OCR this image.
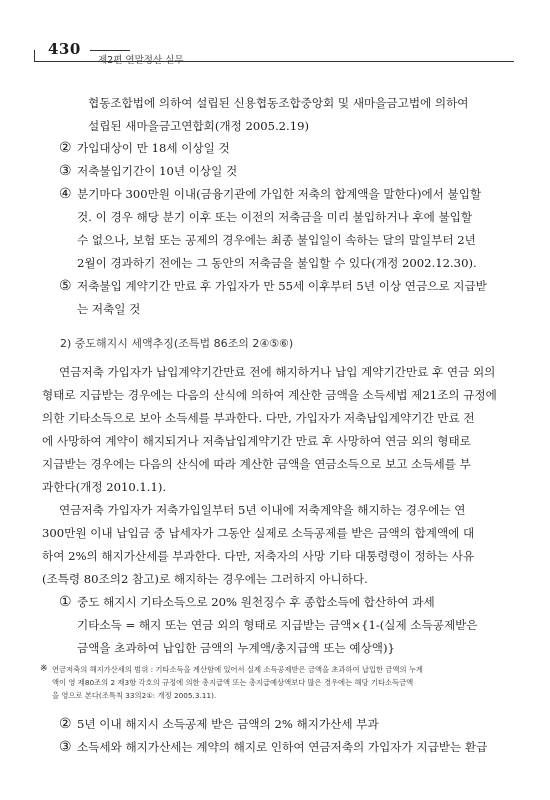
430
제2편 연말정산 실무
협동조합법에 의하여 설립된 신용협동조합중앙회 및 새마을금고법에 의하여
설립된 새마을금고연합회(개정 2005.2.19)
② 가입대상이 만 18세 이상일 것
③ 저축불입기간이 10년 이상일 것
④ 분기마다 300만원 이내(금융기관에 가입한 저축의 합계액을 말한다)에서 불입할
것. 이 경우 해당 분기 이후 또는 이전의 저축금을 미리 불입하거나 후에 불입할
수 없으나, 보험 또는 공제의 경우에는 최종 불입일이 속하는 달의 말일부터 2년
2월이 경과하기 전에는 그 동안의 저축금을 불입할 수 있다(개정 2002.12.30).
⑤ 저축불입 계약기간 만료 후 가입자가 만 55세 이후부터 5년 이상 연금으로 지급받
는 저축일 것
2) 중도해지시 세액추징(조특법 86조의 2④⑤⑥)
연금저축 가입자가 납입계약기간만료 전에 해지하거나 납입 계약기간만료 후 연금 외의
형태로 지급받는 경우에는 다음의 산식에 의하여 계산한 금액을 소득세법 제21조의 규정에
의한 기타소득으로 보아 소득세를 부과한다. 다만, 가입자가 저축납입계약기간 만료 전
에 사망하여 계약이 해지되거나 저축납입계약기간 만료 후 사망하여 연금 외의 형태로
지급받는 경우에는 다음의 산식에 따라 계산한 금액을 연금소득으로 보고 소득세를 부
과한다(개정 2010.1.1).
연금저축 가입자가 저축가입일부터 5년 이내에 저축계약을 해지하는 경우에는 연
300만원 이내 납입금 중 납세자가 그동안 실제로 소득공제를 받은 금액의 합계액에 대
하여 2%의 해지가산세를 부과한다. 다만, 저축자의 사망 기타 대통령령이 정하는 사유
(조특령 80조의2 참고)로 해지하는 경우에는 그러하지 아니하다.
① 중도 해지시 기타소득으로 20% 원천징수 후 종합소득에 합산하여 과세
기타소득 = 해지 또는 연금 외의 형태로 지급받는 금액×{1-(실제 소득공제받은
금액을 초과하여 납입한 금액의 누계액/총지급액 또는 예상액)}
※ 연금저축의 해지가산세의 범위 : 기타소득을 계산함에 있어서 실제 소득공제받은 금액을 초과하여 납입한 금액의 누계
액이 영 제80조의 2 제3항 각호의 규정에 의한 총지급액 또는 총지급예상액보다 많은 경우에는 해당 기타소득금액
을 영으로 본다(조특칙 33의2①: 개정 2005.3.11).
② 5년 이내 해지시 소득공제 받은 금액의 2% 해지가산세 부과
③ 소득세와 해지가산세는 계약의 해지로 인하여 연금저축의 가입자가 지급받는 환급
